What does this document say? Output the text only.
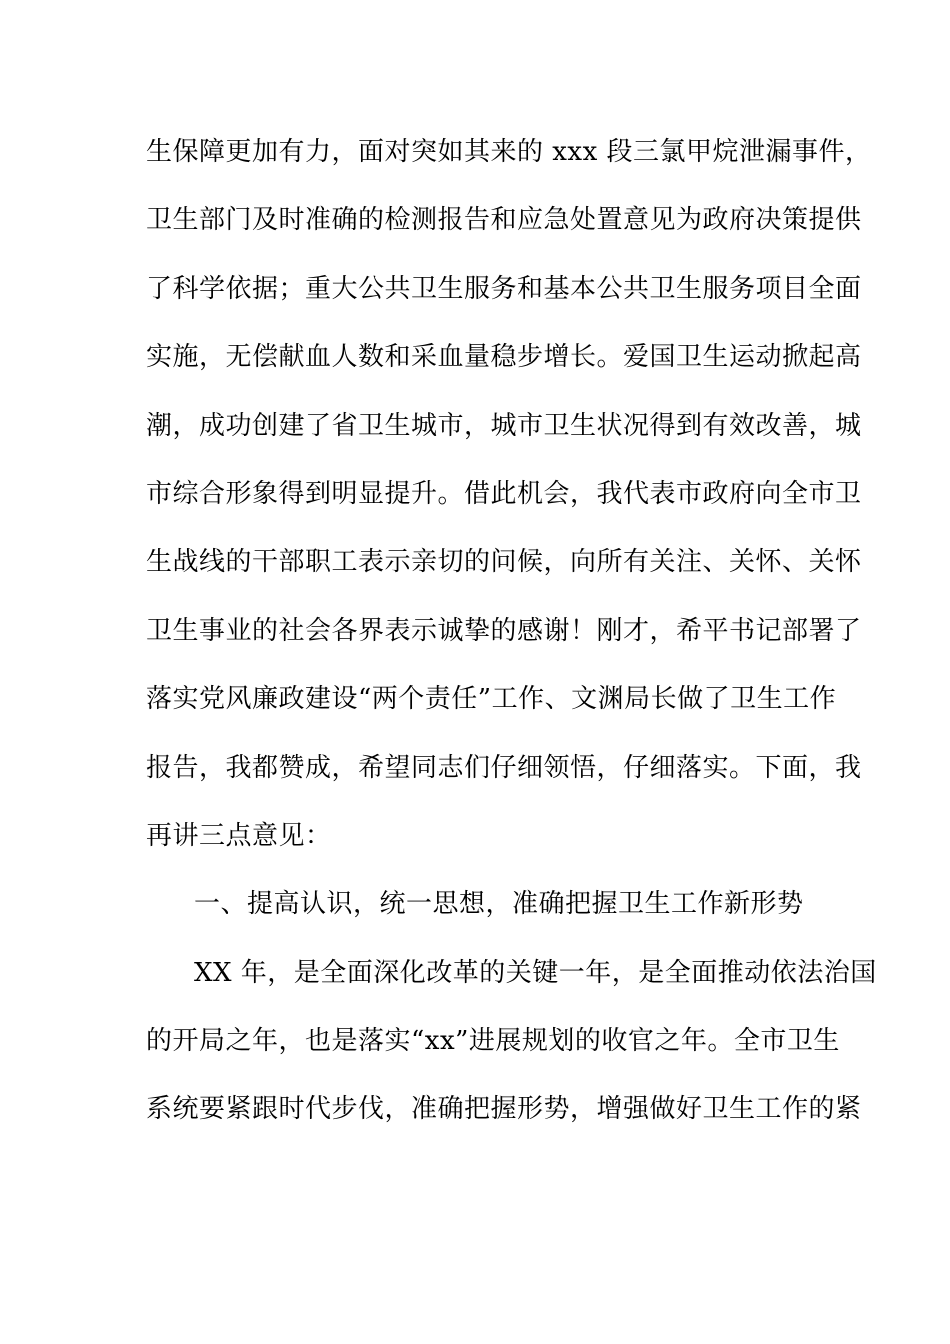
生保障更加有力，面对突如其来的 xxx 段三氯甲烷泄漏事件，
卫生部门及时准确的检测报告和应急处置意见为政府决策提供
了科学依据；重大公共卫生服务和基本公共卫生服务项目全面
实施，无偿献血人数和采血量稳步增长。爱国卫生运动掀起高
潮，成功创建了省卫生城市，城市卫生状况得到有效改善，城
市综合形象得到明显提升。借此机会，我代表市政府向全市卫
生战线的干部职工表示亲切的问候，向所有关注、关怀、关怀
卫生事业的社会各界表示诚挚的感谢！刚才，希平书记部署了
落实党风廉政建设“两个责任”工作、文渊局长做了卫生工作
报告，我都赞成，希望同志们仔细领悟，仔细落实。下面，我
再讲三点意见：
一、提高认识，统一思想，准确把握卫生工作新形势
XX 年，是全面深化改革的关键一年，是全面推动依法治国
的开局之年，也是落实“xx”进展规划的收官之年。全市卫生
系统要紧跟时代步伐，准确把握形势，增强做好卫生工作的紧
